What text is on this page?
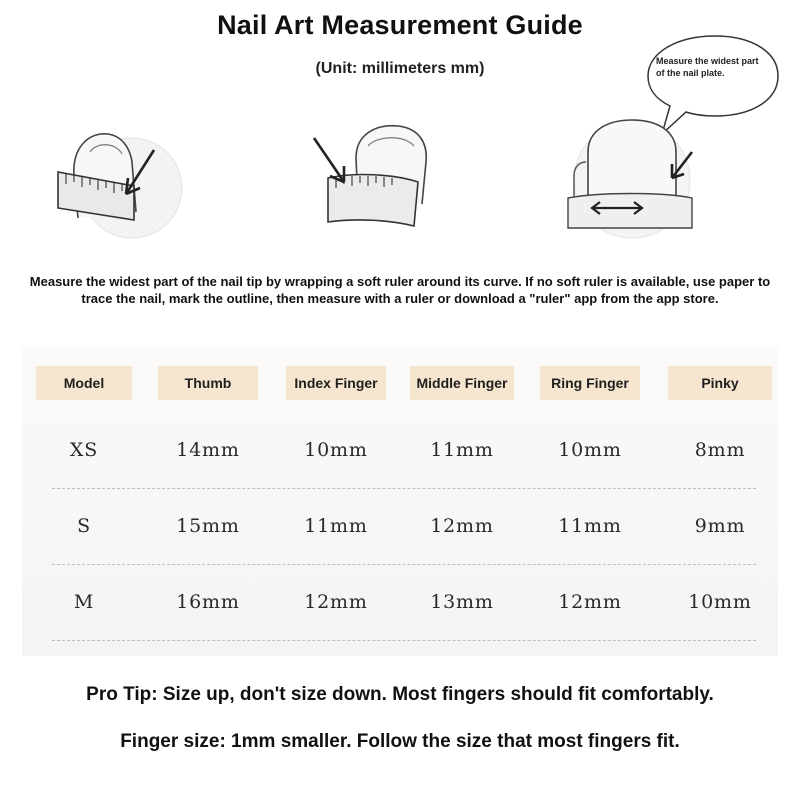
Nail Art Measurement Guide
(Unit: millimeters mm)	Measure the widest part of the nail plate.
Measure the widest part of the nail tip by wrapping a soft ruler around its curve. If no soft ruler is available, use paper to trace the nail, mark the outline, then measure with a ruler or download a "ruler" app from the app store.
Model	Thumb	Index Finger	Middle Finger	Ring Finger	Pinky
XS	14mm	10mm	11mm	10mm	8mm
S	15mm	11mm	12mm	11mm	9mm
M	16mm	12mm	13mm	12mm	10mm
Pro Tip: Size up, don't size down. Most fingers should fit comfortably.
Finger size: 1mm smaller. Follow the size that most fingers fit.
